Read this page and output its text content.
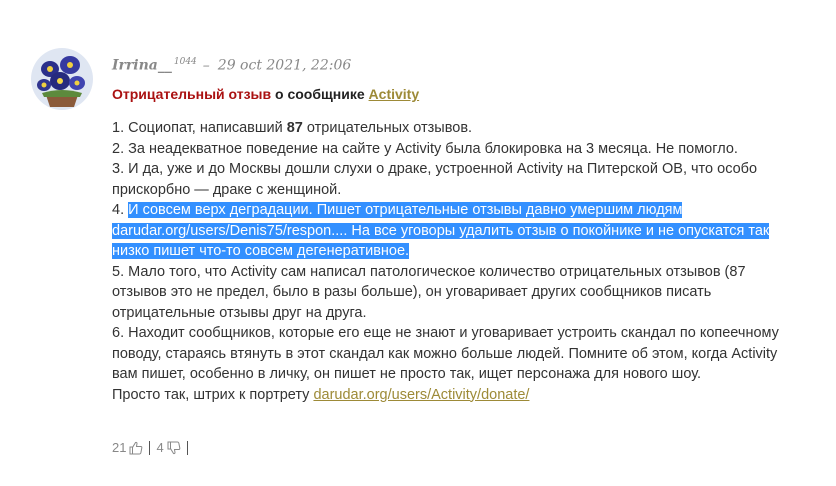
Irrina__ $^{1044}$ – 29 oct 2021, 22:06
Отрицательный отзыв о сообщнике Activity

1. Социопат, написавший 87 отрицательных отзывов.

2. За неадекватное поведение на сайте у Activity была блокировка на 3 месяца. Не помогло.

3. И да, уже и до Москвы дошли слухи о драке, устроенной Activity на Питерской ОВ, что особо прискорбно — драке с женщиной.

4. И совсем верх деградации. Пишет отрицательные отзывы давно умершим людям darudar.org/users/Denis75/respon.... На все уговоры удалить отзыв о покойнике и не опускатся так низко пишет что-то совсем дегенеративное.

5. Мало того, что Activity сам написал патологическое количество отрицательных отзывов (87 отзывов это не предел, было в разы больше), он уговаривает других сообщников писать отрицательные отзывы друг на друга.

6. Находит сообщников, которые его еще не знают и уговаривает устроить скандал по копеечному поводу, стараясь втянуть в этот скандал как можно больше людей. Помните об этом, когда Activity вам пишет, особенно в личку, он пишет не просто так, ищет персонажа для нового шоу.

Просто так, штрих к портрету darudar.org/users/Activity/donate/

21 4
